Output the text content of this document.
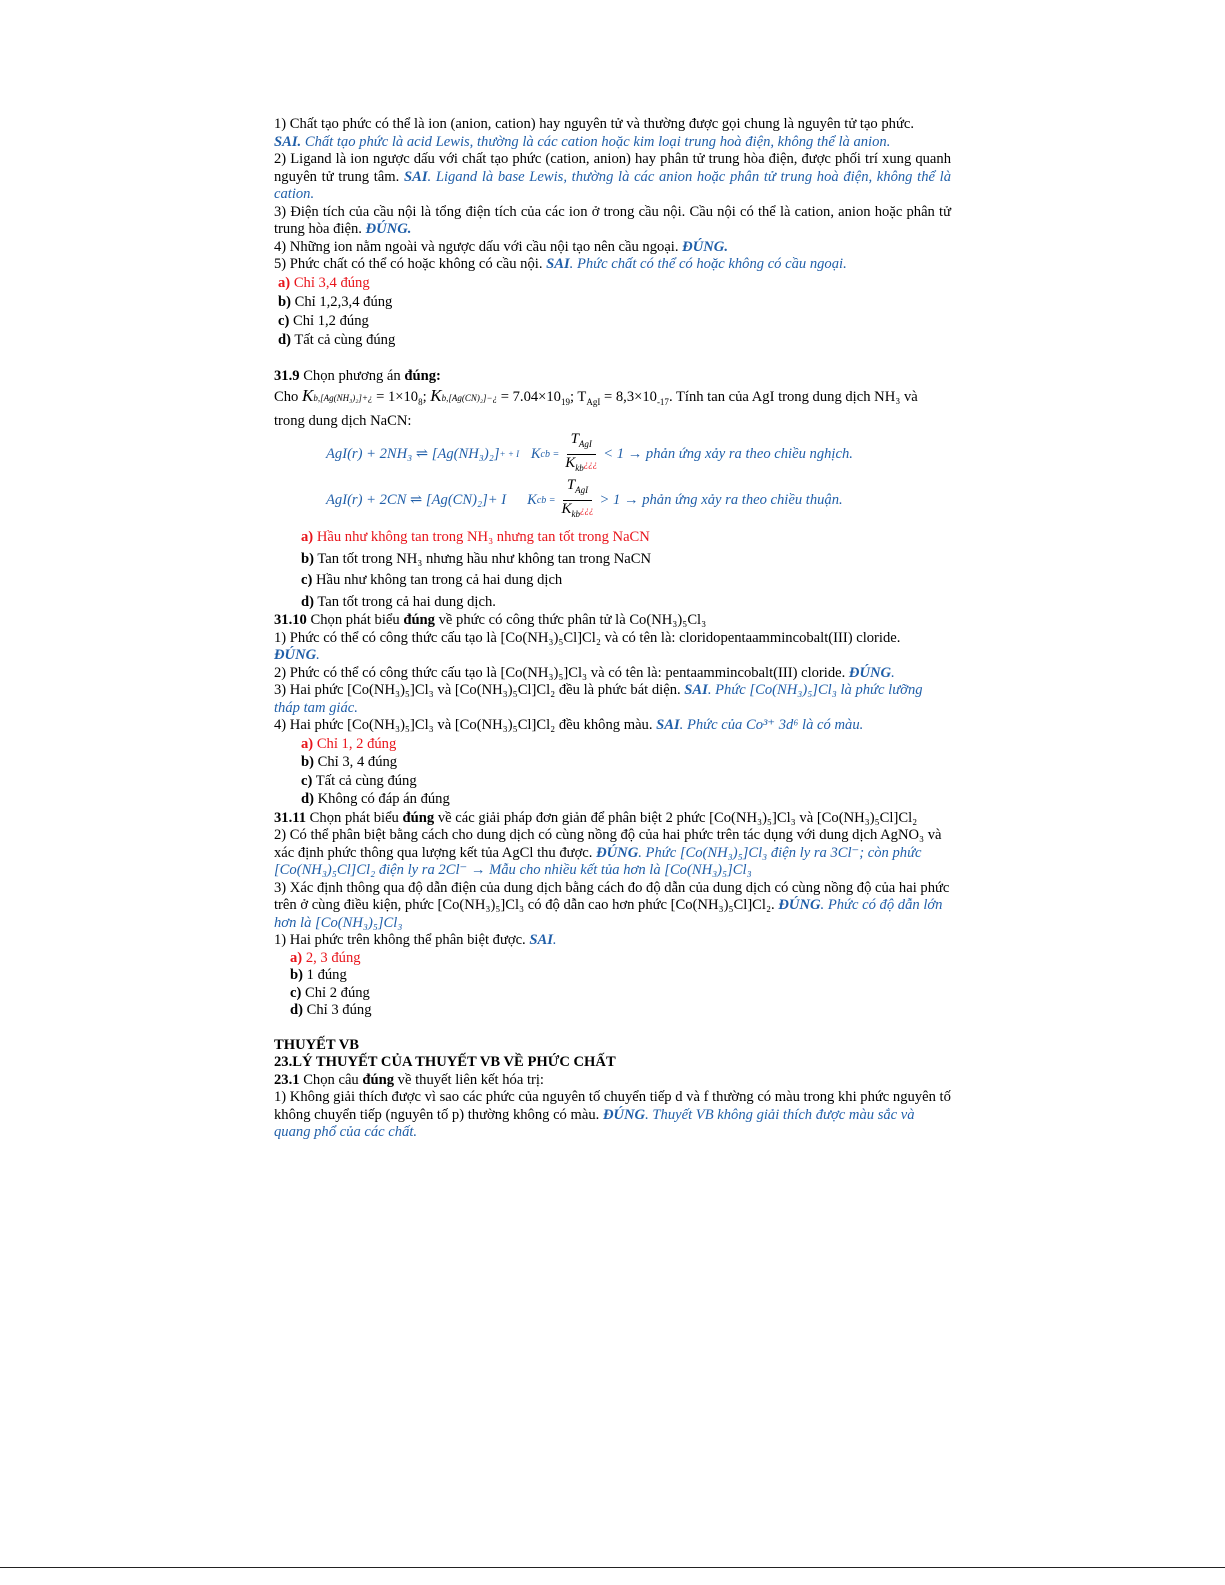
1) Chất tạo phức có thể là ion (anion, cation) hay nguyên tử và thường được gọi chung là nguyên tử tạo phức.
SAI. Chất tạo phức là acid Lewis, thường là các cation hoặc kim loại trung hoà điện, không thể là anion.

2) Ligand là ion ngược dấu với chất tạo phức (cation, anion) hay phân tử trung hòa điện, được phối trí xung quanh nguyên tử trung tâm. SAI. Ligand là base Lewis, thường là các anion hoặc phân tử trung hoà điện, không thể là cation.

3) Điện tích của cầu nội là tổng điện tích của các ion ở trong cầu nội. Cầu nội có thể là cation, anion hoặc phân tử trung hòa điện. ĐÚNG.

4) Những ion nằm ngoài và ngược dấu với cầu nội tạo nên cầu ngoại. ĐÚNG.

5) Phức chất có thể có hoặc không có cầu nội. SAI. Phức chất có thể có hoặc không có cầu ngoại.

a) Chỉ 3,4 đúng

b) Chỉ 1,2,3,4 đúng

c) Chỉ 1,2 đúng

d) Tất cả cùng đúng

31.9 Chọn phương án đúng:

Cho Kb,[Ag(NH₃)₂]+¿ = $1\times 10_8$; Kb,[Ag(CN)₂]−¿ = $7.04\times 10_{19}$; $T_{AgI} = 8,3\times 10_{-17}$. Tính tan của AgI trong dung dịch NH₃ và trong dung dịch NaCN:

AgI(r) + 2NH₃ ⇌ [Ag(NH₃)₂] + + I
K cb = $\frac{T_{AgI}}{K_{kb}¿¿¿} < 1$ → phản ứng xảy ra theo chiều nghịch.
AgI(r) + 2CN
⇌ [Ag(CN)₂] + I
K cb = $\frac{T_{AgI}}{K_{kb}¿¿¿} > 1$ → phản ứng xảy ra theo chiều thuận.

a) Hầu như không tan trong NH₃ nhưng tan tốt trong NaCN

b) Tan tốt trong NH₃ nhưng hầu như không tan trong NaCN

c) Hầu như không tan trong cả hai dung dịch

d) Tan tốt trong cả hai dung dịch.

31.10 Chọn phát biểu đúng về phức có công thức phân tử là Co(NH₃)₅Cl₃

1) Phức có thể có công thức cấu tạo là [Co(NH₃)₅Cl]Cl₂ và có tên là: cloridopentaammincobalt(III) cloride.
ĐÚNG.

2) Phức có thể có công thức cấu tạo là [Co(NH₃)₅]Cl₃ và có tên là: pentaammincobalt(III) cloride. ĐÚNG.

3) Hai phức [Co(NH₃)₅]Cl₃ và [Co(NH₃)₅Cl]Cl₂ đều là phức bát diện. SAI. Phức [Co(NH₃)₅]Cl₃ là phức lưỡng tháp tam giác.

4) Hai phức [Co(NH₃)₅]Cl₃ và [Co(NH₃)₅Cl]Cl₂ đều không màu. SAI. Phức của Co³⁺ 3d⁶ là có màu.

a) Chỉ 1, 2 đúng

b) Chỉ 3, 4 đúng

c) Tất cả cùng đúng

d) Không có đáp án đúng

31.11 Chọn phát biểu đúng về các giải pháp đơn giản để phân biệt 2 phức [Co(NH₃)₅]Cl₃ và [Co(NH₃)₅Cl]Cl₂

2) Có thể phân biệt bằng cách cho dung dịch có cùng nồng độ của hai phức trên tác dụng với dung dịch AgNO₃ và xác định phức thông qua lượng kết tủa AgCl thu được. ĐÚNG. Phức [Co(NH₃)₅]Cl₃ điện ly ra 3Cl⁻; còn phức [Co(NH₃)₅Cl]Cl₂ điện ly ra 2Cl⁻ → Mẫu cho nhiều kết tủa hơn là [Co(NH₃)₅]Cl₃

3) Xác định thông qua độ dẫn điện của dung dịch bằng cách đo độ dẫn của dung dịch có cùng nồng độ của hai phức trên ở cùng điều kiện, phức [Co(NH₃)₅]Cl₃ có độ dẫn cao hơn phức [Co(NH₃)₅Cl]Cl₂. ĐÚNG. Phức có độ dẫn lớn hơn là [Co(NH₃)₅]Cl₃

1) Hai phức trên không thể phân biệt được. SAI.

a) 2, 3 đúng

b) 1 đúng

c) Chỉ 2 đúng

d) Chỉ 3 đúng

THUYẾT VB

23.LÝ THUYẾT CỦA THUYẾT VB VỀ PHỨC CHẤT

23.1 Chọn câu đúng về thuyết liên kết hóa trị:

1) Không giải thích được vì sao các phức của nguyên tố chuyển tiếp d và f thường có màu trong khi phức nguyên tố không chuyển tiếp (nguyên tố p) thường không có màu. ĐÚNG. Thuyết VB không giải thích được màu sắc và quang phổ của các chất.
